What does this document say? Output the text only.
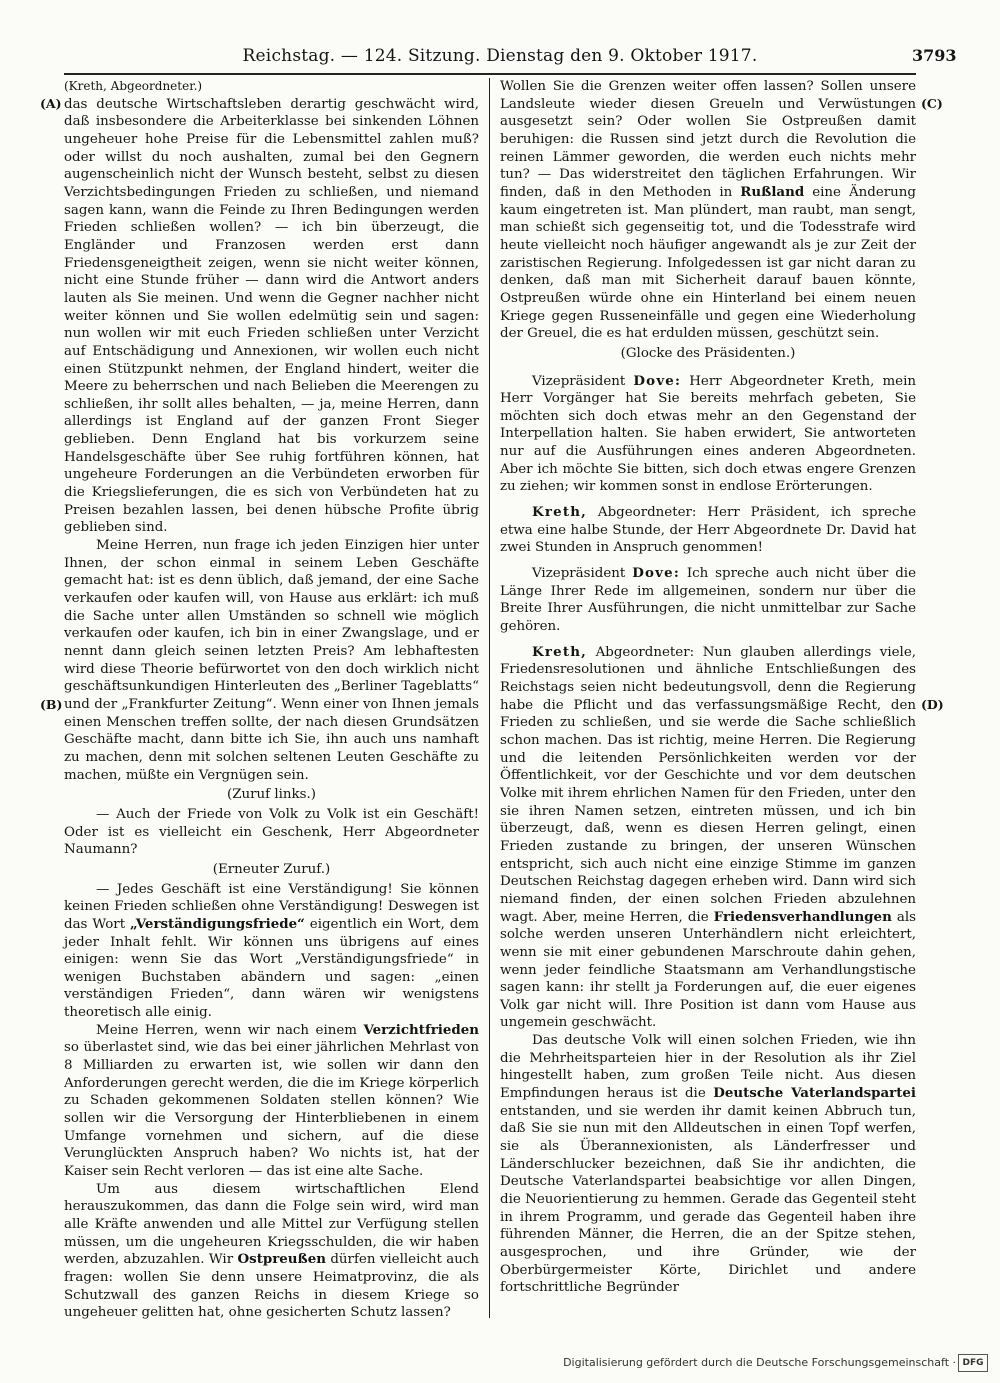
Reichstag. — 124. Sitzung. Dienstag den 9. Oktober 1917.	3793
(A)
(B)
(C)
(D)

(Kreth, Abgeordneter.)

das deutsche Wirtschaftsleben derartig geschwächt wird, daß insbesondere die Arbeiterklasse bei sinkenden Löhnen ungeheuer hohe Preise für die Lebensmittel zahlen muß? oder willst du noch aushalten, zumal bei den Gegnern augenscheinlich nicht der Wunsch besteht, selbst zu diesen Verzichtsbedingungen Frieden zu schließen, und niemand sagen kann, wann die Feinde zu Ihren Bedingungen werden Frieden schließen wollen? — ich bin überzeugt, die Engländer und Franzosen werden erst dann Friedensgeneigtheit zeigen, wenn sie nicht weiter können, nicht eine Stunde früher — dann wird die Antwort anders lauten als Sie meinen. Und wenn die Gegner nachher nicht weiter können und Sie wollen edelmütig sein und sagen: nun wollen wir mit euch Frieden schließen unter Verzicht auf Entschädigung und Annexionen, wir wollen euch nicht einen Stützpunkt nehmen, der England hindert, weiter die Meere zu beherrschen und nach Belieben die Meerengen zu schließen, ihr sollt alles behalten, — ja, meine Herren, dann allerdings ist England auf der ganzen Front Sieger geblieben. Denn England hat bis vorkurzem seine Handelsgeschäfte über See ruhig fortführen können, hat ungeheure Forderungen an die Verbündeten erworben für die Kriegslieferungen, die es sich von Verbündeten hat zu Preisen bezahlen lassen, bei denen hübsche Profite übrig geblieben sind.

Meine Herren, nun frage ich jeden Einzigen hier unter Ihnen, der schon einmal in seinem Leben Geschäfte gemacht hat: ist es denn üblich, daß jemand, der eine Sache verkaufen oder kaufen will, von Hause aus erklärt: ich muß die Sache unter allen Umständen so schnell wie möglich verkaufen oder kaufen, ich bin in einer Zwangslage, und er nennt dann gleich seinen letzten Preis? Am lebhaftesten wird diese Theorie befürwortet von den doch wirklich nicht geschäftsunkundigen Hinterleuten des „Berliner Tageblatts“ und der „Frankfurter Zeitung“. Wenn einer von Ihnen jemals einen Menschen treffen sollte, der nach diesen Grundsätzen Geschäfte macht, dann bitte ich Sie, ihn auch uns namhaft zu machen, denn mit solchen seltenen Leuten Geschäfte zu machen, müßte ein Vergnügen sein.

(Zuruf links.)

— Auch der Friede von Volk zu Volk ist ein Geschäft! Oder ist es vielleicht ein Geschenk, Herr Abgeordneter Naumann?

(Erneuter Zuruf.)

— Jedes Geschäft ist eine Verständigung! Sie können keinen Frieden schließen ohne Verständigung! Deswegen ist das Wort „Verständigungsfriede“ eigentlich ein Wort, dem jeder Inhalt fehlt. Wir können uns übrigens auf eines einigen: wenn Sie das Wort „Verständigungsfriede“ in wenigen Buchstaben abändern und sagen: „einen verständigen Frieden“, dann wären wir wenigstens theoretisch alle einig.

Meine Herren, wenn wir nach einem Verzichtfrieden so überlastet sind, wie das bei einer jährlichen Mehrlast von 8 Milliarden zu erwarten ist, wie sollen wir dann den Anforderungen gerecht werden, die die im Kriege körperlich zu Schaden gekommenen Soldaten stellen können? Wie sollen wir die Versorgung der Hinterbliebenen in einem Umfange vornehmen und sichern, auf die diese Verunglückten Anspruch haben? Wo nichts ist, hat der Kaiser sein Recht verloren — das ist eine alte Sache.

Um aus diesem wirtschaftlichen Elend herauszukommen, das dann die Folge sein wird, wird man alle Kräfte anwenden und alle Mittel zur Verfügung stellen müssen, um die ungeheuren Kriegsschulden, die wir haben werden, abzuzahlen. Wir Ostpreußen dürfen vielleicht auch fragen: wollen Sie denn unsere Heimatprovinz, die als Schutzwall des ganzen Reichs in diesem Kriege so ungeheuer gelitten hat, ohne gesicherten Schutz lassen?

Wollen Sie die Grenzen weiter offen lassen? Sollen unsere Landsleute wieder diesen Greueln und Verwüstungen ausgesetzt sein? Oder wollen Sie Ostpreußen damit beruhigen: die Russen sind jetzt durch die Revolution die reinen Lämmer geworden, die werden euch nichts mehr tun? — Das widerstreitet den täglichen Erfahrungen. Wir finden, daß in den Methoden in Rußland eine Änderung kaum eingetreten ist. Man plündert, man raubt, man sengt, man schießt sich gegenseitig tot, und die Todesstrafe wird heute vielleicht noch häufiger angewandt als je zur Zeit der zaristischen Regierung. Infolgedessen ist gar nicht daran zu denken, daß man mit Sicherheit darauf bauen könnte, Ostpreußen würde ohne ein Hinterland bei einem neuen Kriege gegen Russeneinfälle und gegen eine Wiederholung der Greuel, die es hat erdulden müssen, geschützt sein.

(Glocke des Präsidenten.)

Vizepräsident Dove: Herr Abgeordneter Kreth, mein Herr Vorgänger hat Sie bereits mehrfach gebeten, Sie möchten sich doch etwas mehr an den Gegenstand der Interpellation halten. Sie haben erwidert, Sie antworteten nur auf die Ausführungen eines anderen Abgeordneten. Aber ich möchte Sie bitten, sich doch etwas engere Grenzen zu ziehen; wir kommen sonst in endlose Erörterungen.

Kreth, Abgeordneter: Herr Präsident, ich spreche etwa eine halbe Stunde, der Herr Abgeordnete Dr. David hat zwei Stunden in Anspruch genommen!

Vizepräsident Dove: Ich spreche auch nicht über die Länge Ihrer Rede im allgemeinen, sondern nur über die Breite Ihrer Ausführungen, die nicht unmittelbar zur Sache gehören.

Kreth, Abgeordneter: Nun glauben allerdings viele, Friedensresolutionen und ähnliche Entschließungen des Reichstags seien nicht bedeutungsvoll, denn die Regierung habe die Pflicht und das verfassungsmäßige Recht, den Frieden zu schließen, und sie werde die Sache schließlich schon machen. Das ist richtig, meine Herren. Die Regierung und die leitenden Persönlichkeiten werden vor der Öffentlichkeit, vor der Geschichte und vor dem deutschen Volke mit ihrem ehrlichen Namen für den Frieden, unter den sie ihren Namen setzen, eintreten müssen, und ich bin überzeugt, daß, wenn es diesen Herren gelingt, einen Frieden zustande zu bringen, der unseren Wünschen entspricht, sich auch nicht eine einzige Stimme im ganzen Deutschen Reichstag dagegen erheben wird. Dann wird sich niemand finden, der einen solchen Frieden abzulehnen wagt. Aber, meine Herren, die Friedensverhandlungen als solche werden unseren Unterhändlern nicht erleichtert, wenn sie mit einer gebundenen Marschroute dahin gehen, wenn jeder feindliche Staatsmann am Verhandlungstische sagen kann: ihr stellt ja Forderungen auf, die euer eigenes Volk gar nicht will. Ihre Position ist dann vom Hause aus ungemein geschwächt.

Das deutsche Volk will einen solchen Frieden, wie ihn die Mehrheitsparteien hier in der Resolution als ihr Ziel hingestellt haben, zum großen Teile nicht. Aus diesen Empfindungen heraus ist die Deutsche Vaterlandspartei entstanden, und sie werden ihr damit keinen Abbruch tun, daß Sie sie nun mit den Alldeutschen in einen Topf werfen, sie als Überannexionisten, als Länderfresser und Länderschlucker bezeichnen, daß Sie ihr andichten, die Deutsche Vaterlandspartei beabsichtige vor allen Dingen, die Neuorientierung zu hemmen. Gerade das Gegenteil steht in ihrem Programm, und gerade das Gegenteil haben ihre führenden Männer, die Herren, die an der Spitze stehen, ausgesprochen, und ihre Gründer, wie der Oberbürgermeister Körte, Dirichlet und andere fortschrittliche Begründer

Digitalisierung gefördert durch die Deutsche Forschungsgemeinschaft · DFG
